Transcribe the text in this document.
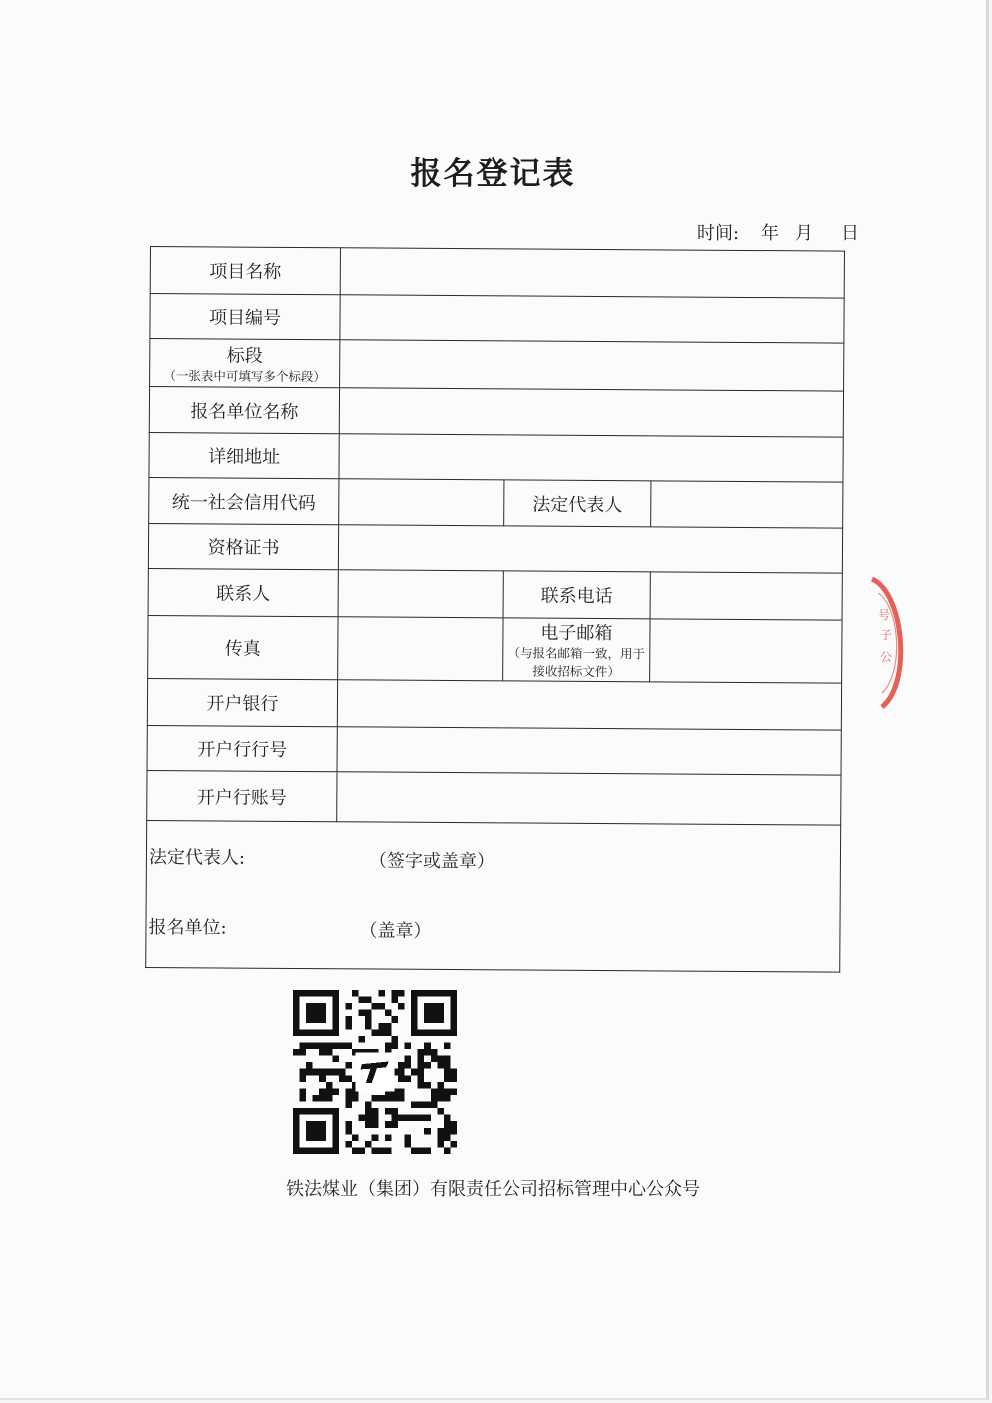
报名登记表
时间:	年 月	日
项目名称			
项目编号			
标段
（一张表中可填写多个标段）			

报名单位名称			
详细地址			
统一社会信用代码		法定代表人	
资格证书			
联系人		联系电话	
传真		电子邮箱
（与报名邮箱一致，用于接收招标文件）	

开户银行			
开户行行号			
开户行账号			

法定代表人: （签字或盖章）
报名单位: （盖章）			
号
子
公
铁法煤业（集团）有限责任公司招标管理中心公众号
